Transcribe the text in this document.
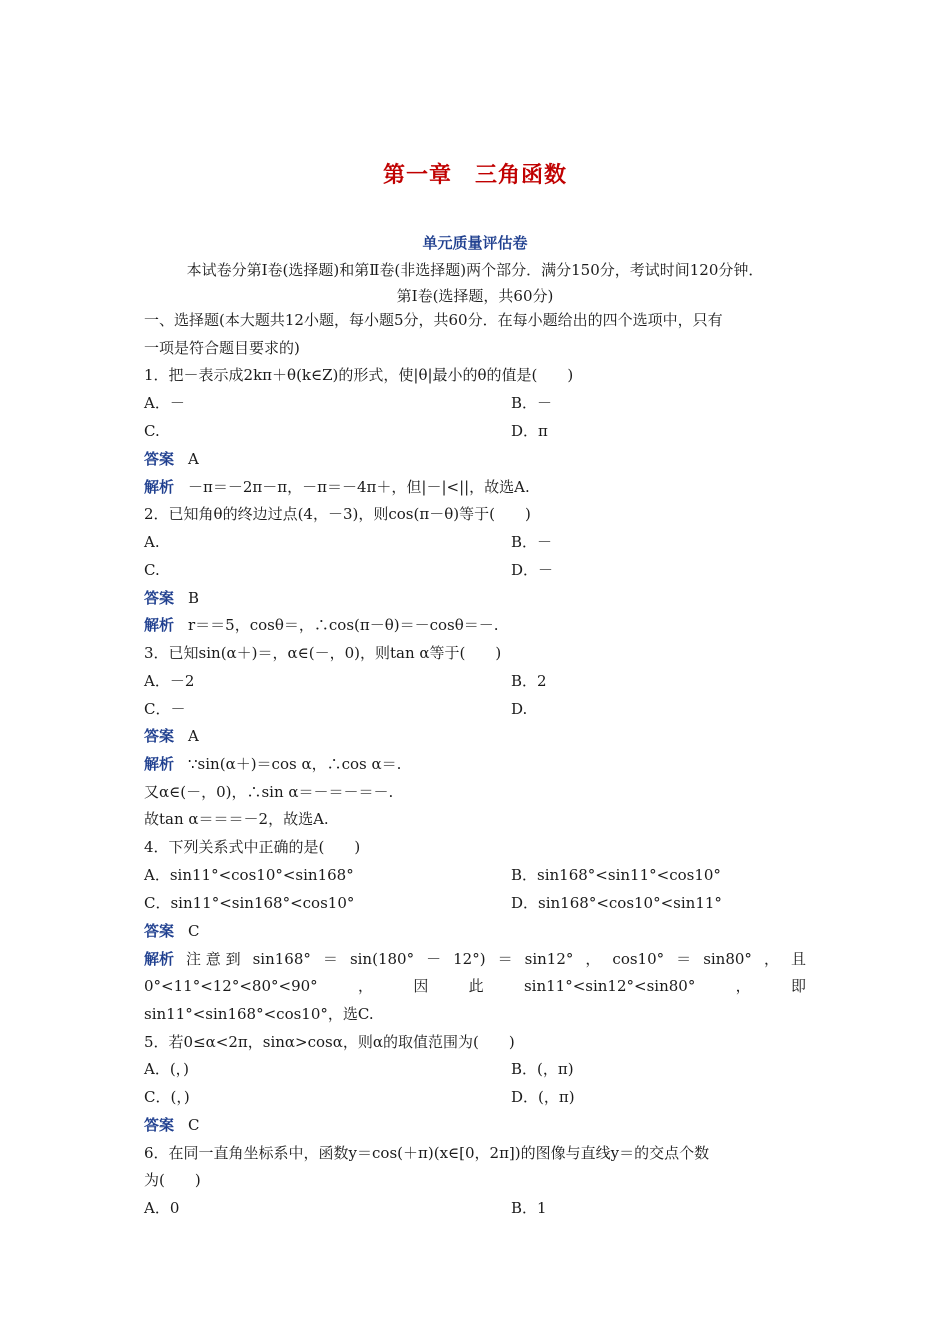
第一章　三角函数
单元质量评估卷
本试卷分第Ⅰ卷(选择题)和第Ⅱ卷(非选择题)两个部分．满分150分，考试时间120分钟．
第Ⅰ卷(选择题，共60分)
一、选择题(本大题共12小题，每小题5分，共60分．在每小题给出的四个选项中，只有
一项是符合题目要求的)
1．把－表示成2kπ＋θ(k∈Z)的形式，使|θ|最小的θ的值是(　　)
A．－	B．－
C.	D．π
答案 A
解析 －π＝－2π－π，－π＝－4π＋，但|－|<||，故选A.
2．已知角θ的终边过点(4，－3)，则cos(π－θ)等于(　　)
A.	B．－
C.	D．－
答案 B
解析 r＝＝5，cosθ＝，∴cos(π－θ)＝－cosθ＝－.
3．已知sin(α＋)＝，α∈(－，0)，则tan α等于(　　)
A．－2	B．2
C．－	D.
答案 A
解析 ∵sin(α＋)＝cos α，∴cos α＝.
又α∈(－，0)，∴sin α＝－＝－＝－.
故tan α＝＝＝－2，故选A.
4．下列关系式中正确的是(　　)
A．sin11°<cos10°<sin168°	B．sin168°<sin11°<cos10°
C．sin11°<sin168°<cos10°	D．sin168°<cos10°<sin11°
答案 C
解析 注 意 到 sin168° ＝ sin(180° － 12°) ＝ sin12° ， cos10° ＝ sin80° ， 且
0°<11°<12°<80°<90°	，	因	此	sin11°<sin12°<sin80°	，	即
sin11°<sin168°<cos10°，选C.
5．若0≤α<2π，sinα>cosα，则α的取值范围为(　　)
A．(，)	B．(，π)
C．(，)	D．(，π)
答案 C
6．在同一直角坐标系中，函数y＝cos(＋π)(x∈[0，2π])的图像与直线y＝的交点个数
为(　　)
A．0	B．1
